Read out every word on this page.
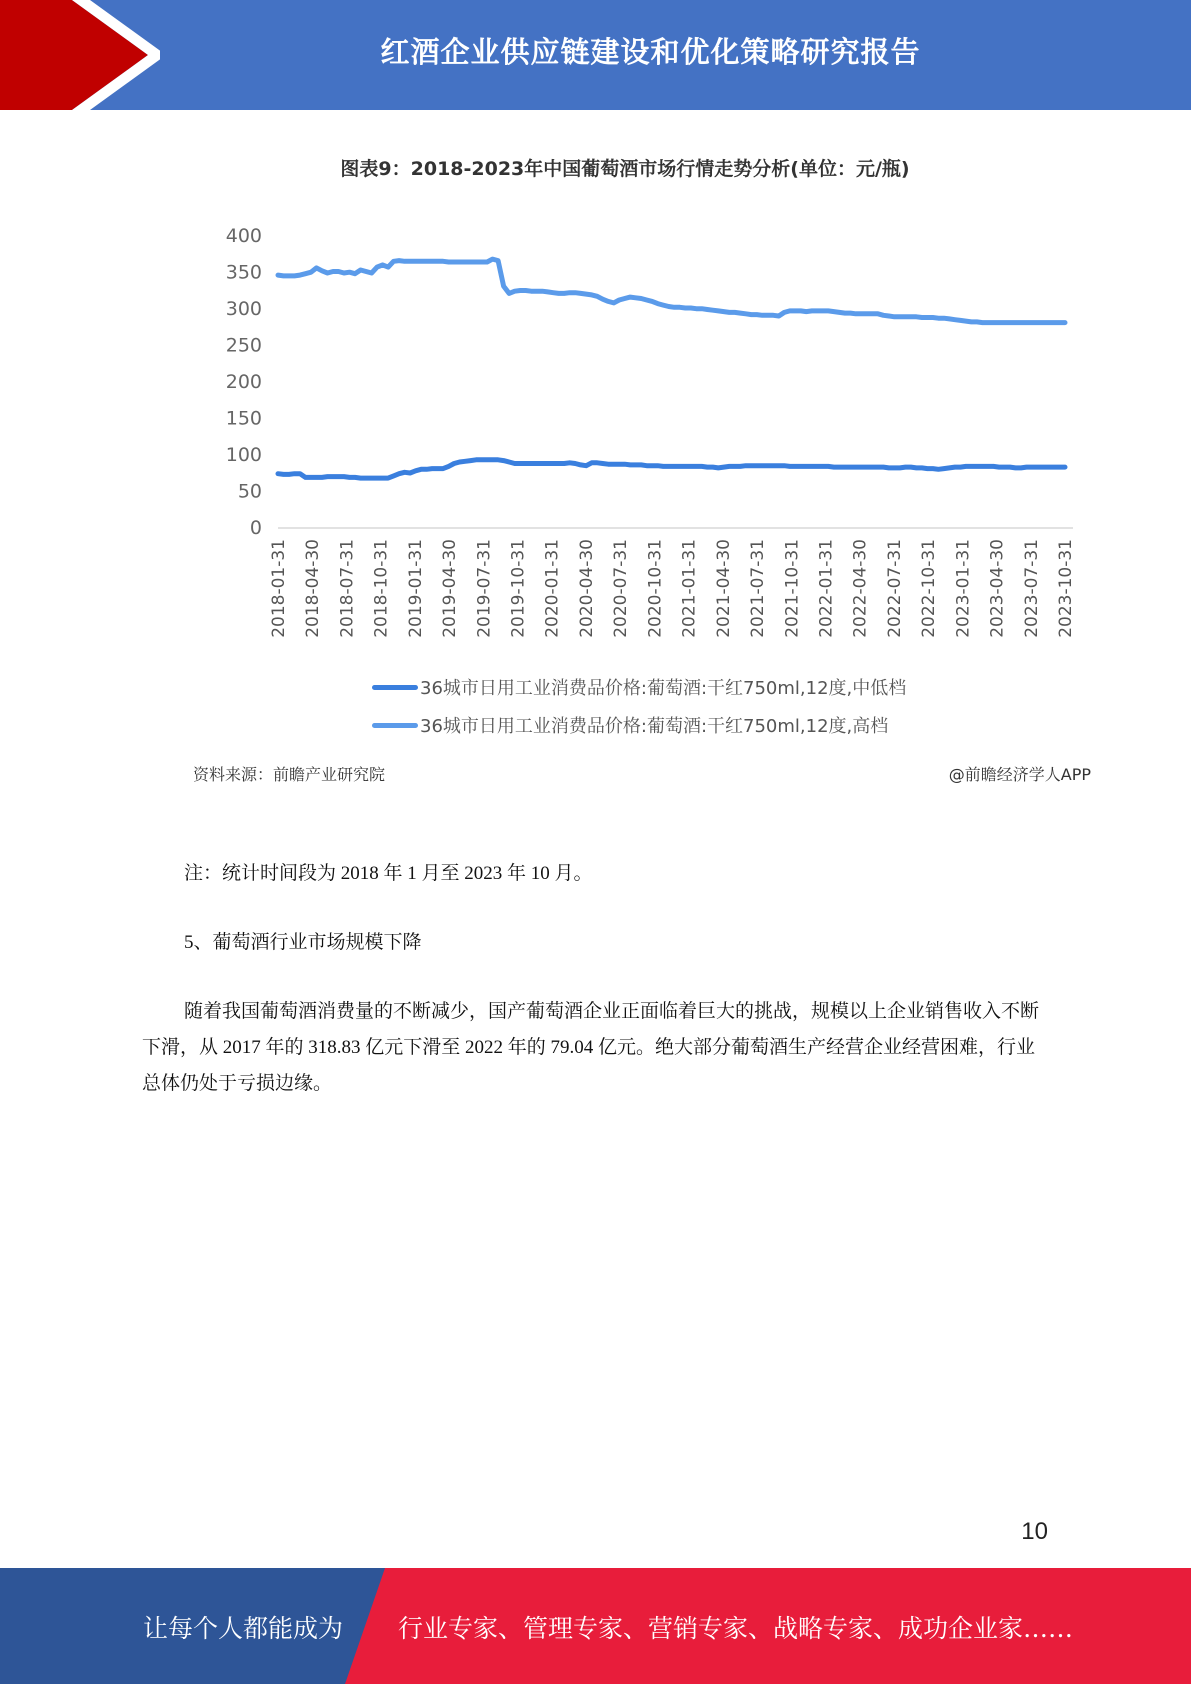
红酒企业供应链建设和优化策略研究报告
图表9：2018-2023年中国葡萄酒市场行情走势分析(单位：元/瓶)
0
50
100
150
200
250
300
350
400
2018-01-31 2018-04-30 2018-07-31 2018-10-31 2019-01-31 2019-04-30 2019-07-31 2019-10-31 2020-01-31 2020-04-30 2020-07-31 2020-10-31 2021-01-31 2021-04-30 2021-07-31 2021-10-31 2022-01-31 2022-04-30 2022-07-31 2022-10-31 2023-01-31 2023-04-30 2023-07-31 2023-10-31
36城市日用工业消费品价格:葡萄酒:干红750ml,12度,中低档
36城市日用工业消费品价格:葡萄酒:干红750ml,12度,高档
资料来源：前瞻产业研究院	@前瞻经济学人APP
注：统计时间段为 2018 年 1 月至 2023 年 10 月。
5、葡萄酒行业市场规模下降
随着我国葡萄酒消费量的不断减少，国产葡萄酒企业正面临着巨大的挑战，规模以上企业销售收入不断下滑，从 2017 年的 318.83 亿元下滑至 2022 年的 79.04 亿元。绝大部分葡萄酒生产经营企业经营困难，行业总体仍处于亏损边缘。
10
让每个人都能成为 行业专家、管理专家、营销专家、战略专家、成功企业家……
